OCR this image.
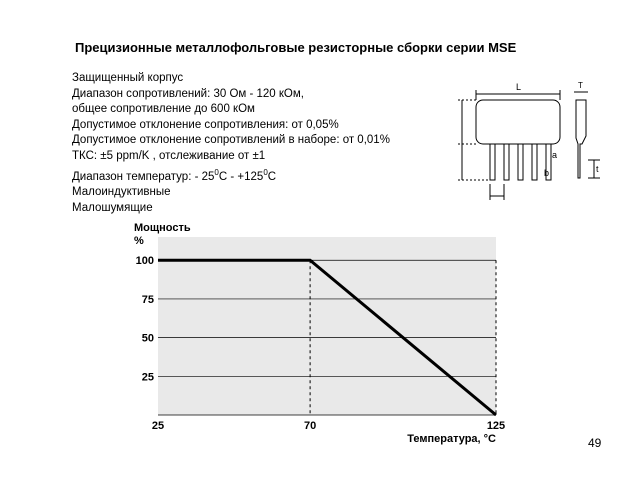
Прецизионные металлофольговые резисторные сборки серии MSE
Защищенный корпус
Диапазон сопротивлений: 30 Ом - 120 кОм,
общее сопротивление до 600 кОм
Допустимое отклонение сопротивления: от 0,05%
Допустимое отклонение сопротивлений в наборе: от 0,01%
ТКС: ±5 ppm/K , отслеживание от ±1
Диапазон температур: - $25^0C - +125^0C$
Малоиндуктивные
Малошумящие
L	T
a
b	t
25
50
75
100
25	70	125
Мощность
%
Температура, °С	49
